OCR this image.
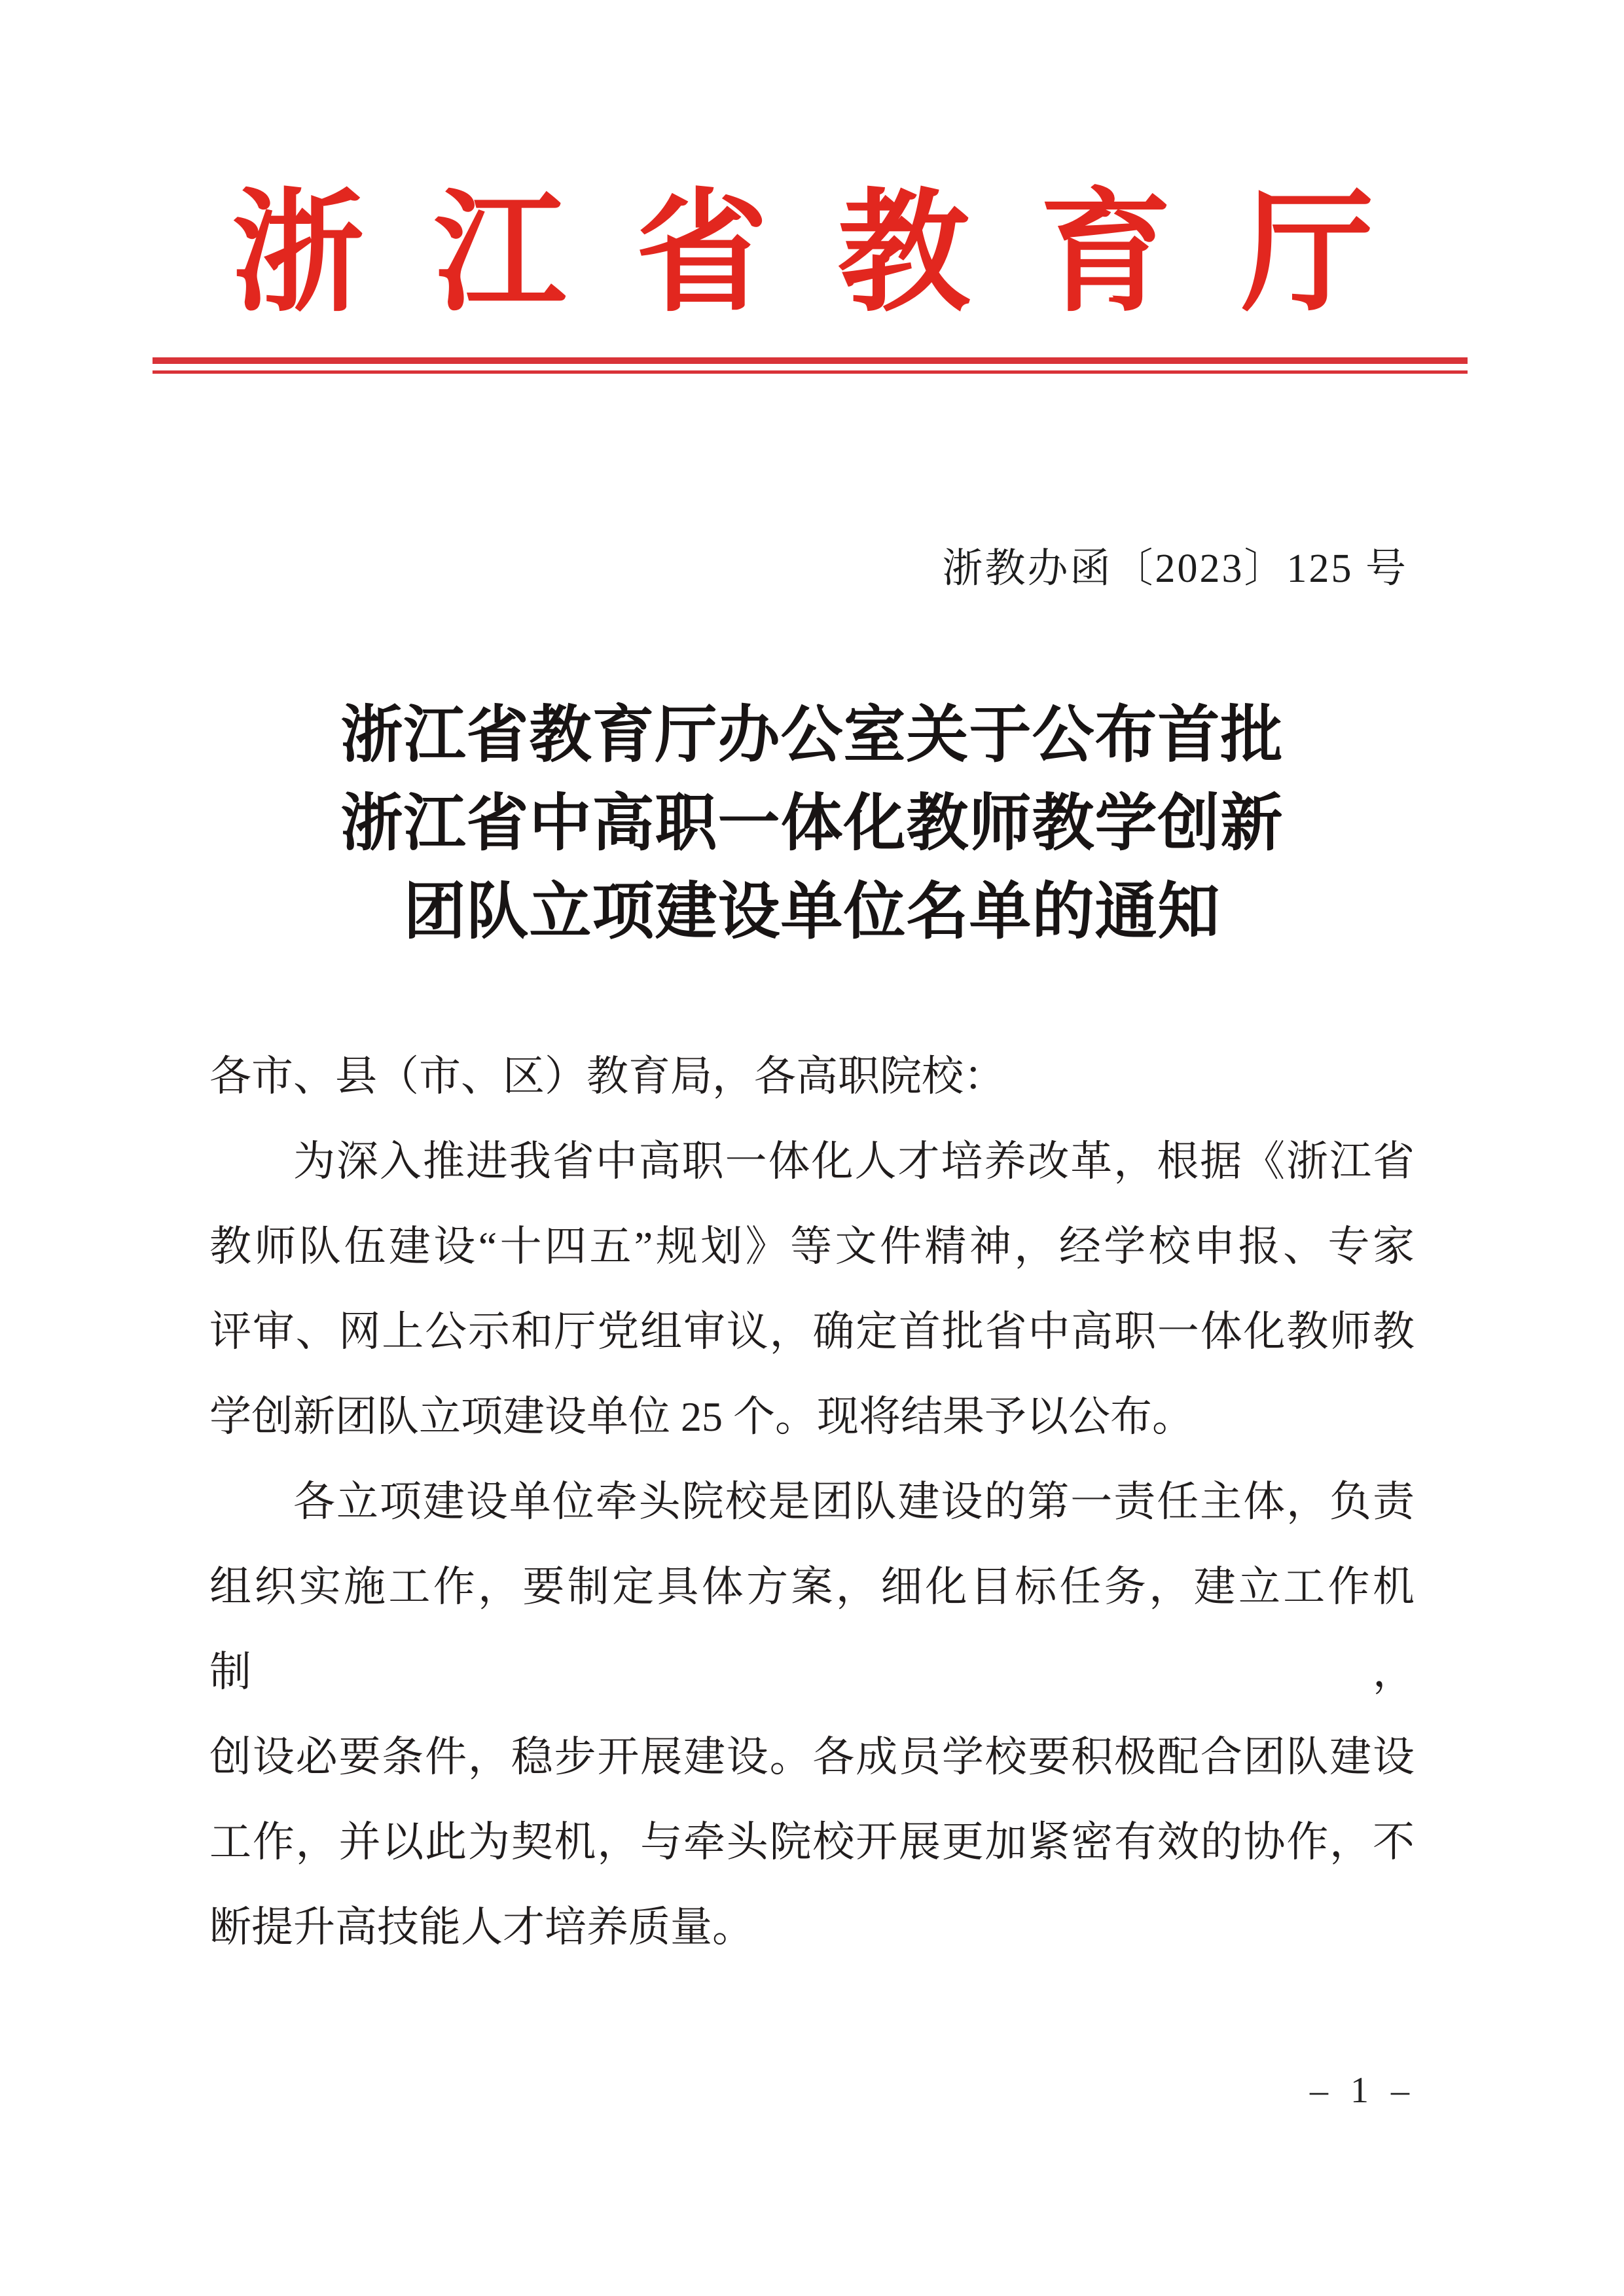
浙 江 省 教 育 厅
浙教办函〔2023〕125 号
浙江省教育厅办公室关于公布首批
浙江省中高职一体化教师教学创新
团队立项建设单位名单的通知
各市、县（市、区）教育局，各高职院校：
为深入推进我省中高职一体化人才培养改革，根据《浙江省
教师队伍建设“十四五”规划》等文件精神，经学校申报、专家
评审、网上公示和厅党组审议，确定首批省中高职一体化教师教
学创新团队立项建设单位 25 个。现将结果予以公布。
各立项建设单位牵头院校是团队建设的第一责任主体，负责
组织实施工作，要制定具体方案，细化目标任务，建立工作机制，
创设必要条件，稳步开展建设。各成员学校要积极配合团队建设
工作，并以此为契机，与牵头院校开展更加紧密有效的协作，不
断提升高技能人才培养质量。
– 1 –
